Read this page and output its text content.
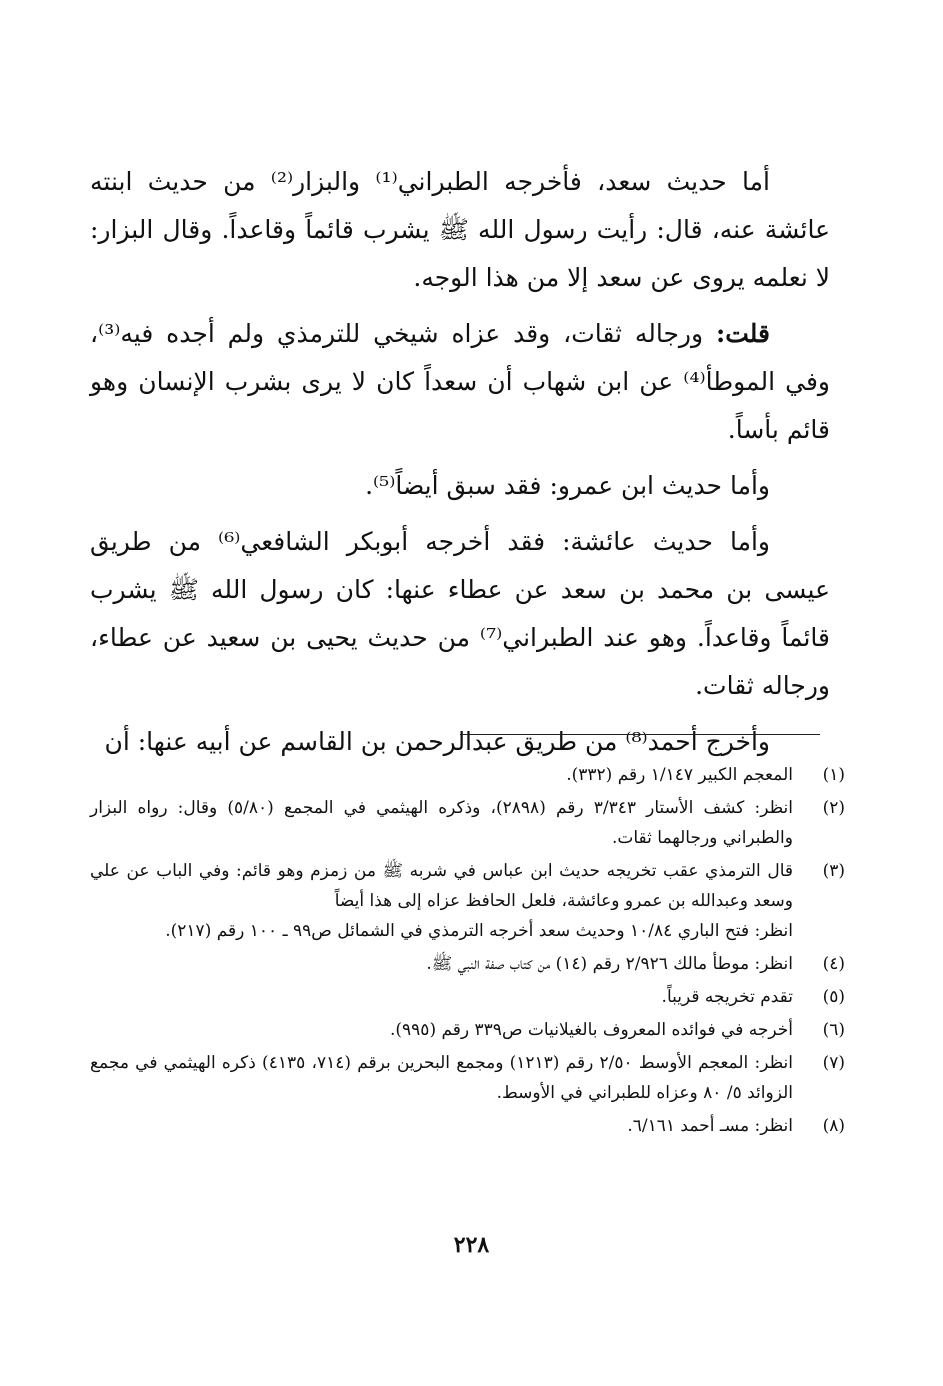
أما حديث سعد، فأخرجه الطبراني⁽¹⁾ والبزار⁽²⁾ من حديث ابنته عائشة عنه، قال: رأيت رسول الله ﷺ يشرب قائماً وقاعداً. وقال البزار: لا نعلمه يروى عن سعد إلا من هذا الوجه.

قلت: ورجاله ثقات، وقد عزاه شيخي للترمذي ولم أجده فيه⁽³⁾، وفي الموطأ⁽⁴⁾ عن ابن شهاب أن سعداً كان لا يرى بشرب الإنسان وهو قائم بأساً.

وأما حديث ابن عمرو: فقد سبق أيضاً⁽⁵⁾.

وأما حديث عائشة: فقد أخرجه أبوبكر الشافعي⁽⁶⁾ من طريق عيسى بن محمد بن سعد عن عطاء عنها: كان رسول الله ﷺ يشرب قائماً وقاعداً. وهو عند الطبراني⁽⁷⁾ من حديث يحيى بن سعيد عن عطاء، ورجاله ثقات.

وأخرج أحمد⁽⁸⁾ من طريق عبدالرحمن بن القاسم عن أبيه عنها: أن

(١)
المعجم الكبير ١/١٤٧ رقم (٣٣٢).
(٢)
انظر: كشف الأستار ٣/٣٤٣ رقم (٢٨٩٨)، وذكره الهيثمي في المجمع (٥/٨٠) وقال: رواه البزار والطبراني ورجالهما ثقات.
(٣)
قال الترمذي عقب تخريجه حديث ابن عباس في شربه ﷺ من زمزم وهو قائم: وفي الباب عن علي وسعد وعبدالله بن عمرو وعائشة، فلعل الحافظ عزاه إلى هذا أيضاً
انظر: فتح الباري ١٠/٨٤ وحديث سعد أخرجه الترمذي في الشمائل ص٩٩ ـ ١٠٠ رقم (٢١٧).
(٤)
انظر: موطأ مالك ٢/٩٢٦ رقم (١٤) من كتاب صفة النبي ﷺ.
(٥)
تقدم تخريجه قريباً.
(٦)
أخرجه في فوائده المعروف بالغيلانيات ص٣٣٩ رقم (٩٩٥).
(٧)
انظر: المعجم الأوسط ٢/٥٠ رقم (١٢١٣) ومجمع البحرين برقم (٧١٤، ٤١٣٥) ذكره الهيثمي في مجمع الزوائد ٥/ ٨٠ وعزاه للطبراني في الأوسط.
(٨)
انظر: مسـ أحمد ٦/١٦١.
٢٢٨
